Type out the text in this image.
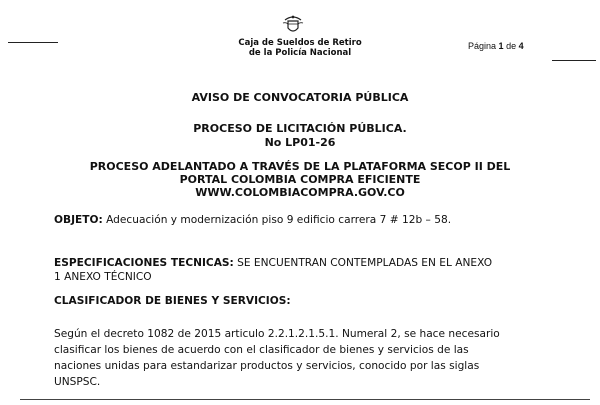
Caja de Sueldos de Retiro
de la Policía Nacional
Página 1 de 4
AVISO DE CONVOCATORIA PÚBLICA
PROCESO DE LICITACIÓN PÚBLICA.
No LP01-26
PROCESO ADELANTADO A TRAVÉS DE LA PLATAFORMA SECOP II DEL
PORTAL COLOMBIA COMPRA EFICIENTE
WWW.COLOMBIACOMPRA.GOV.CO
OBJETO: Adecuación y modernización piso 9 edificio carrera 7 # 12b – 58.
ESPECIFICACIONES TECNICAS: SE ENCUENTRAN CONTEMPLADAS EN EL ANEXO
1 ANEXO TÉCNICO
CLASIFICADOR DE BIENES Y SERVICIOS:
Según el decreto 1082 de 2015 articulo 2.2.1.2.1.5.1. Numeral 2, se hace necesario
clasificar los bienes de acuerdo con el clasificador de bienes y servicios de las
naciones unidas para estandarizar productos y servicios, conocido por las siglas
UNSPSC.
